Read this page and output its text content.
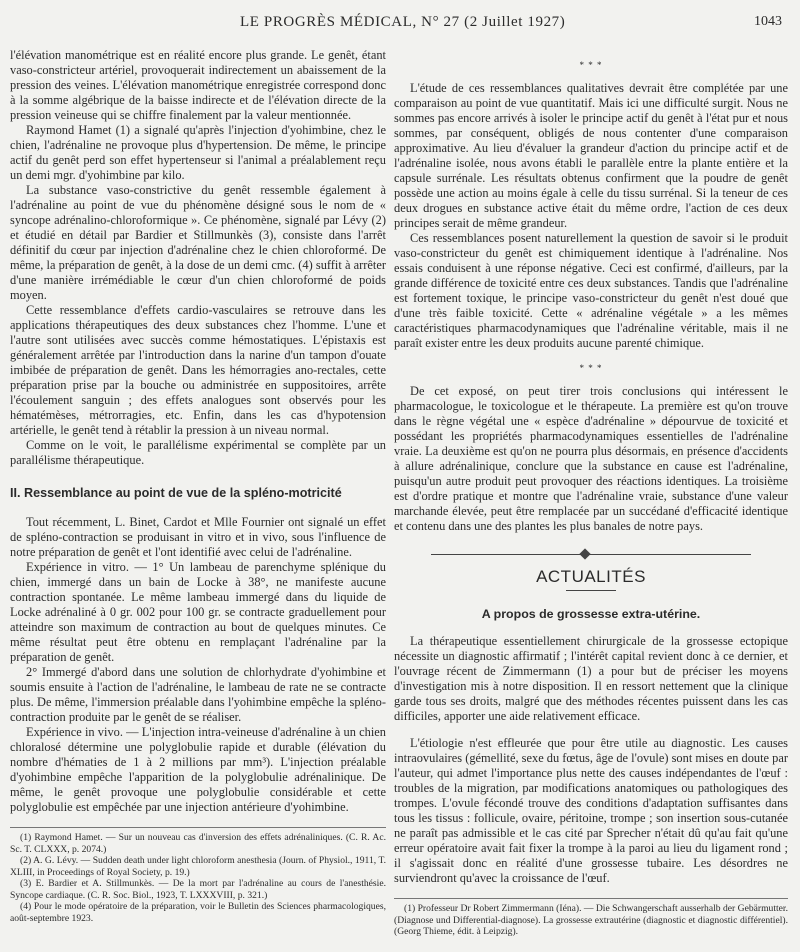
LE PROGRÈS MÉDICAL, N° 27 (2 Juillet 1927)	1043

l'élévation manométrique est en réalité encore plus grande. Le genêt, étant vaso-constricteur artériel, provoquerait indirectement un abaissement de la pression des veines. L'élévation manométrique enregistrée correspond donc à la somme algébrique de la baisse indirecte et de l'élévation directe de la pression veineuse qui se chiffre finalement par la valeur mentionnée.

Raymond Hamet (1) a signalé qu'après l'injection d'yohimbine, chez le chien, l'adrénaline ne provoque plus d'hypertension. De même, le principe actif du genêt perd son effet hypertenseur si l'animal a préalablement reçu un demi mgr. d'yohimbine par kilo.

La substance vaso-constrictive du genêt ressemble également à l'adrénaline au point de vue du phénomène désigné sous le nom de « syncope adrénalino-chloroformique ». Ce phénomène, signalé par Lévy (2) et étudié en détail par Bardier et Stillmunkès (3), consiste dans l'arrêt définitif du cœur par injection d'adrénaline chez le chien chloroformé. De même, la préparation de genêt, à la dose de un demi cmc. (4) suffit à arrêter d'une manière irrémédiable le cœur d'un chien chloroformé de poids moyen.

Cette ressemblance d'effets cardio-vasculaires se retrouve dans les applications thérapeutiques des deux substances chez l'homme. L'une et l'autre sont utilisées avec succès comme hémostatiques. L'épistaxis est généralement arrêtée par l'introduction dans la narine d'un tampon d'ouate imbibée de préparation de genêt. Dans les hémorragies ano-rectales, cette préparation prise par la bouche ou administrée en suppositoires, arrête l'écoulement sanguin ; des effets analogues sont observés pour les hématémèses, métrorragies, etc. Enfin, dans les cas d'hypotension artérielle, le genêt tend à rétablir la pression à un niveau normal.

Comme on le voit, le parallélisme expérimental se complète par un parallélisme thérapeutique.

II. Ressemblance au point de vue de la spléno-motricité

Tout récemment, L. Binet, Cardot et Mlle Fournier ont signalé un effet de spléno-contraction se produisant in vitro et in vivo, sous l'influence de notre préparation de genêt et l'ont identifié avec celui de l'adrénaline.

Expérience in vitro. — 1° Un lambeau de parenchyme splénique du chien, immergé dans un bain de Locke à 38°, ne manifeste aucune contraction spontanée. Le même lambeau immergé dans du liquide de Locke adrénaliné à 0 gr. 002 pour 100 gr. se contracte graduellement pour atteindre son maximum de contraction au bout de quelques minutes. Ce même résultat peut être obtenu en remplaçant l'adrénaline par la préparation de genêt.

2° Immergé d'abord dans une solution de chlorhydrate d'yohimbine et soumis ensuite à l'action de l'adrénaline, le lambeau de rate ne se contracte plus. De même, l'immersion préalable dans l'yohimbine empêche la spléno-contraction produite par le genêt de se réaliser.

Expérience in vivo. — L'injection intra-veineuse d'adrénaline à un chien chloralosé détermine une polyglobulie rapide et durable (élévation du nombre d'hématies de 1 à 2 millions par mm³). L'injection préalable d'yohimbine empêche l'apparition de la polyglobulie adrénalinique. De même, le genêt provoque une polyglobulie considérable et cette polyglobulie est empêchée par une injection antérieure d'yohimbine.

(1) Raymond Hamet. — Sur un nouveau cas d'inversion des effets adrénaliniques. (C. R. Ac. Sc. T. CLXXX, p. 2074.)

(2) A. G. Lévy. — Sudden death under light chloroform anesthesia (Journ. of Physiol., 1911, T. XLIII, in Proceedings of Royal Society, p. 19.)

(3) E. Bardier et A. Stillmunkès. — De la mort par l'adrénaline au cours de l'anesthésie. Syncope cardiaque. (C. R. Soc. Biol., 1923, T. LXXXVIII, p. 321.)

(4) Pour le mode opératoire de la préparation, voir le Bulletin des Sciences pharmacologiques, août-septembre 1923.

* * *

L'étude de ces ressemblances qualitatives devrait être complétée par une comparaison au point de vue quantitatif. Mais ici une difficulté surgit. Nous ne sommes pas encore arrivés à isoler le principe actif du genêt à l'état pur et nous sommes, par conséquent, obligés de nous contenter d'une comparaison approximative. Au lieu d'évaluer la grandeur d'action du principe actif et de l'adrénaline isolée, nous avons établi le parallèle entre la plante entière et la capsule surrénale. Les résultats obtenus confirment que la poudre de genêt possède une action au moins égale à celle du tissu surrénal. Si la teneur de ces deux drogues en substance active était du même ordre, l'action de ces deux principes serait de même grandeur.

Ces ressemblances posent naturellement la question de savoir si le produit vaso-constricteur du genêt est chimiquement identique à l'adrénaline. Nos essais conduisent à une réponse négative. Ceci est confirmé, d'ailleurs, par la grande différence de toxicité entre ces deux substances. Tandis que l'adrénaline est fortement toxique, le principe vaso-constricteur du genêt n'est doué que d'une très faible toxicité. Cette « adrénaline végétale » a les mêmes caractéristiques pharmacodynamiques que l'adrénaline véritable, mais il ne paraît exister entre les deux produits aucune parenté chimique.

* * *

De cet exposé, on peut tirer trois conclusions qui intéressent le pharmacologue, le toxicologue et le thérapeute. La première est qu'on trouve dans le règne végétal une « espèce d'adrénaline » dépourvue de toxicité et possédant les propriétés pharmacodynamiques essentielles de l'adrénaline vraie. La deuxième est qu'on ne pourra plus désormais, en présence d'accidents à allure adrénalinique, conclure que la substance en cause est l'adrénaline, puisqu'un autre produit peut provoquer des réactions identiques. La troisième est d'ordre pratique et montre que l'adrénaline vraie, substance d'une valeur marchande élevée, peut être remplacée par un succédané d'efficacité identique et contenu dans une des plantes les plus banales de notre pays.

ACTUALITÉS
A propos de grossesse extra-utérine.

La thérapeutique essentiellement chirurgicale de la grossesse ectopique nécessite un diagnostic affirmatif ; l'intérêt capital revient donc à ce dernier, et l'ouvrage récent de Zimmermann (1) a pour but de préciser les moyens d'investigation mis à notre disposition. Il en ressort nettement que la clinique garde tous ses droits, malgré que des méthodes récentes puissent dans les cas difficiles, apporter une aide relativement efficace.

L'étiologie n'est effleurée que pour être utile au diagnostic. Les causes intraovulaires (gémellité, sexe du fœtus, âge de l'ovule) sont mises en doute par l'auteur, qui admet l'importance plus nette des causes indépendantes de l'œuf : troubles de la migration, par modifications anatomiques ou pathologiques des trompes. L'ovule fécondé trouve des conditions d'adaptation suffisantes dans tous les tissus : follicule, ovaire, péritoine, trompe ; son insertion sous-cutanée ne paraît pas admissible et le cas cité par Sprecher n'était dû qu'au fait qu'une erreur opératoire avait fait fixer la trompe à la paroi au lieu du ligament rond ; il s'agissait donc en réalité d'une grossesse tubaire. Les désordres ne surviendront qu'avec la croissance de l'œuf.

(1) Professeur Dr Robert Zimmermann (Iéna). — Die Schwangerschaft ausserhalb der Gebärmutter. (Diagnose und Differential-diagnose). La grossesse extrautérine (diagnostic et diagnostic différentiel). (Georg Thieme, édit. à Leipzig).
